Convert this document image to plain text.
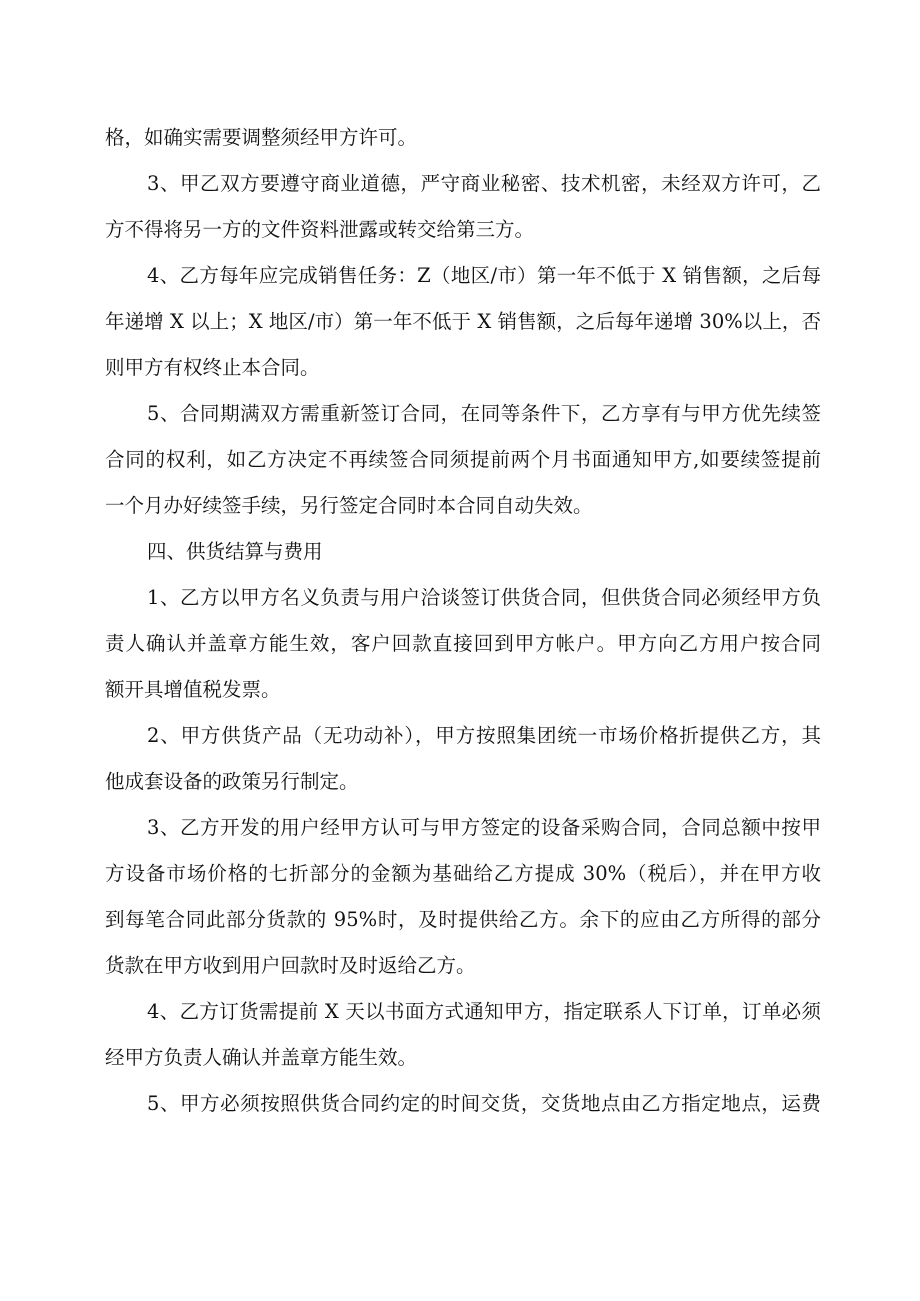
格，如确实需要调整须经甲方许可。
3、甲乙双方要遵守商业道德，严守商业秘密、技术机密，未经双方许可，乙
方不得将另一方的文件资料泄露或转交给第三方。
4、乙方每年应完成销售任务：Z（地区/市）第一年不低于 X 销售额，之后每
年递增 X 以上；X 地区/市）第一年不低于 X 销售额，之后每年递增 30%以上，否
则甲方有权终止本合同。
5、合同期满双方需重新签订合同，在同等条件下，乙方享有与甲方优先续签
合同的权利，如乙方决定不再续签合同须提前两个月书面通知甲方,如要续签提前
一个月办好续签手续，另行签定合同时本合同自动失效。
四、供货结算与费用
1、乙方以甲方名义负责与用户洽谈签订供货合同，但供货合同必须经甲方负
责人确认并盖章方能生效，客户回款直接回到甲方帐户。甲方向乙方用户按合同
额开具增值税发票。
2、甲方供货产品（无功动补），甲方按照集团统一市场价格折提供乙方，其
他成套设备的政策另行制定。
3、乙方开发的用户经甲方认可与甲方签定的设备采购合同，合同总额中按甲
方设备市场价格的七折部分的金额为基础给乙方提成 30%（税后），并在甲方收
到每笔合同此部分货款的 95%时，及时提供给乙方。余下的应由乙方所得的部分
货款在甲方收到用户回款时及时返给乙方。
4、乙方订货需提前 X 天以书面方式通知甲方，指定联系人下订单，订单必须
经甲方负责人确认并盖章方能生效。
5、甲方必须按照供货合同约定的时间交货，交货地点由乙方指定地点，运费
